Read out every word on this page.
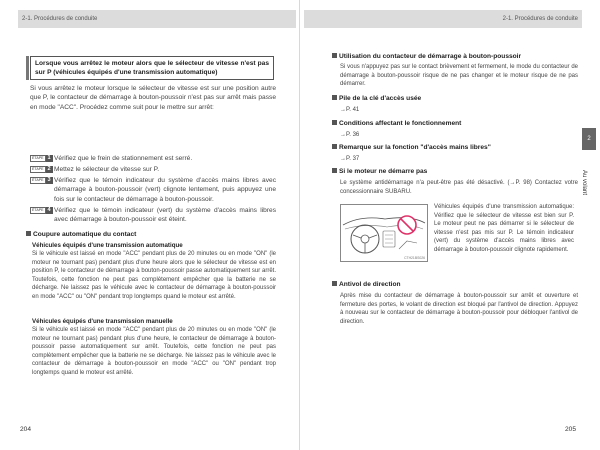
2-1. Procédures de conduite
Lorsque vous arrêtez le moteur alors que le sélecteur de vitesse n'est pas sur P (véhicules équipés d'une transmission automatique)
Si vous arrêtez le moteur lorsque le sélecteur de vitesse est sur une position autre que P, le contacteur de démarrage à bouton-poussoir n'est pas sur arrêt mais passe en mode "ACC". Procédez comme suit pour le mettre sur arrêt:
ÉTAPE 1 Vérifiez que le frein de stationnement est serré.
ÉTAPE 2 Mettez le sélecteur de vitesse sur P.
ÉTAPE 3 Vérifiez que le témoin indicateur du système d'accès mains libres avec démarrage à bouton-poussoir (vert) clignote lentement, puis appuyez une fois sur le contacteur de démarrage à bouton-poussoir.
ÉTAPE 4 Vérifiez que le témoin indicateur (vert) du système d'accès mains libres avec démarrage à bouton-poussoir est éteint.
Coupure automatique du contact
Véhicules équipés d'une transmission automatique
Si le véhicule est laissé en mode "ACC" pendant plus de 20 minutes ou en mode "ON" (le moteur ne tournant pas) pendant plus d'une heure alors que le sélecteur de vitesse est en position P, le contacteur de démarrage à bouton-poussoir passe automatiquement sur arrêt. Toutefois, cette fonction ne peut pas complètement empêcher que la batterie ne se décharge. Ne laissez pas le véhicule avec le contacteur de démarrage à bouton-poussoir en mode "ACC" ou "ON" pendant trop longtemps quand le moteur est arrêté.
Véhicules équipés d'une transmission manuelle
Si le véhicule est laissé en mode "ACC" pendant plus de 20 minutes ou en mode "ON" (le moteur ne tournant pas) pendant plus d'une heure, le contacteur de démarrage à bouton-poussoir passe automatiquement sur arrêt. Toutefois, cette fonction ne peut pas complètement empêcher que la batterie ne se décharge. Ne laissez pas le véhicule avec le contacteur de démarrage à bouton-poussoir en mode "ACC" ou "ON" pendant trop longtemps quand le moteur est arrêté.
204
2-1. Procédures de conduite
Utilisation du contacteur de démarrage à bouton-poussoir
Si vous n'appuyez pas sur le contact brièvement et fermement, le mode du contacteur de démarrage à bouton-poussoir risque de ne pas changer et le moteur risque de ne pas démarrer.
Pile de la clé d'accès usée
→P. 41
Conditions affectant le fonctionnement
→P. 36
Remarque sur la fonction "d'accès mains libres"
→P. 37
Si le moteur ne démarre pas
Le système antidémarrage n'a peut-être pas été désactivé. (→P. 98) Contactez votre concessionnaire SUBARU.
Véhicules équipés d'une transmission automatique: Vérifiez que le sélecteur de vitesse est bien sur P. Le moteur peut ne pas démarrer si le sélecteur de vitesse n'est pas mis sur P. Le témoin indicateur (vert) du système d'accès mains libres avec démarrage à bouton-poussoir clignote rapidement.
Antivol de direction
Après mise du contacteur de démarrage à bouton-poussoir sur arrêt et ouverture et fermeture des portes, le volant de direction est bloqué par l'antivol de direction. Appuyez à nouveau sur le contacteur de démarrage à bouton-poussoir pour débloquer l'antivol de direction.
205
CTH21BS026
2
Au volant
